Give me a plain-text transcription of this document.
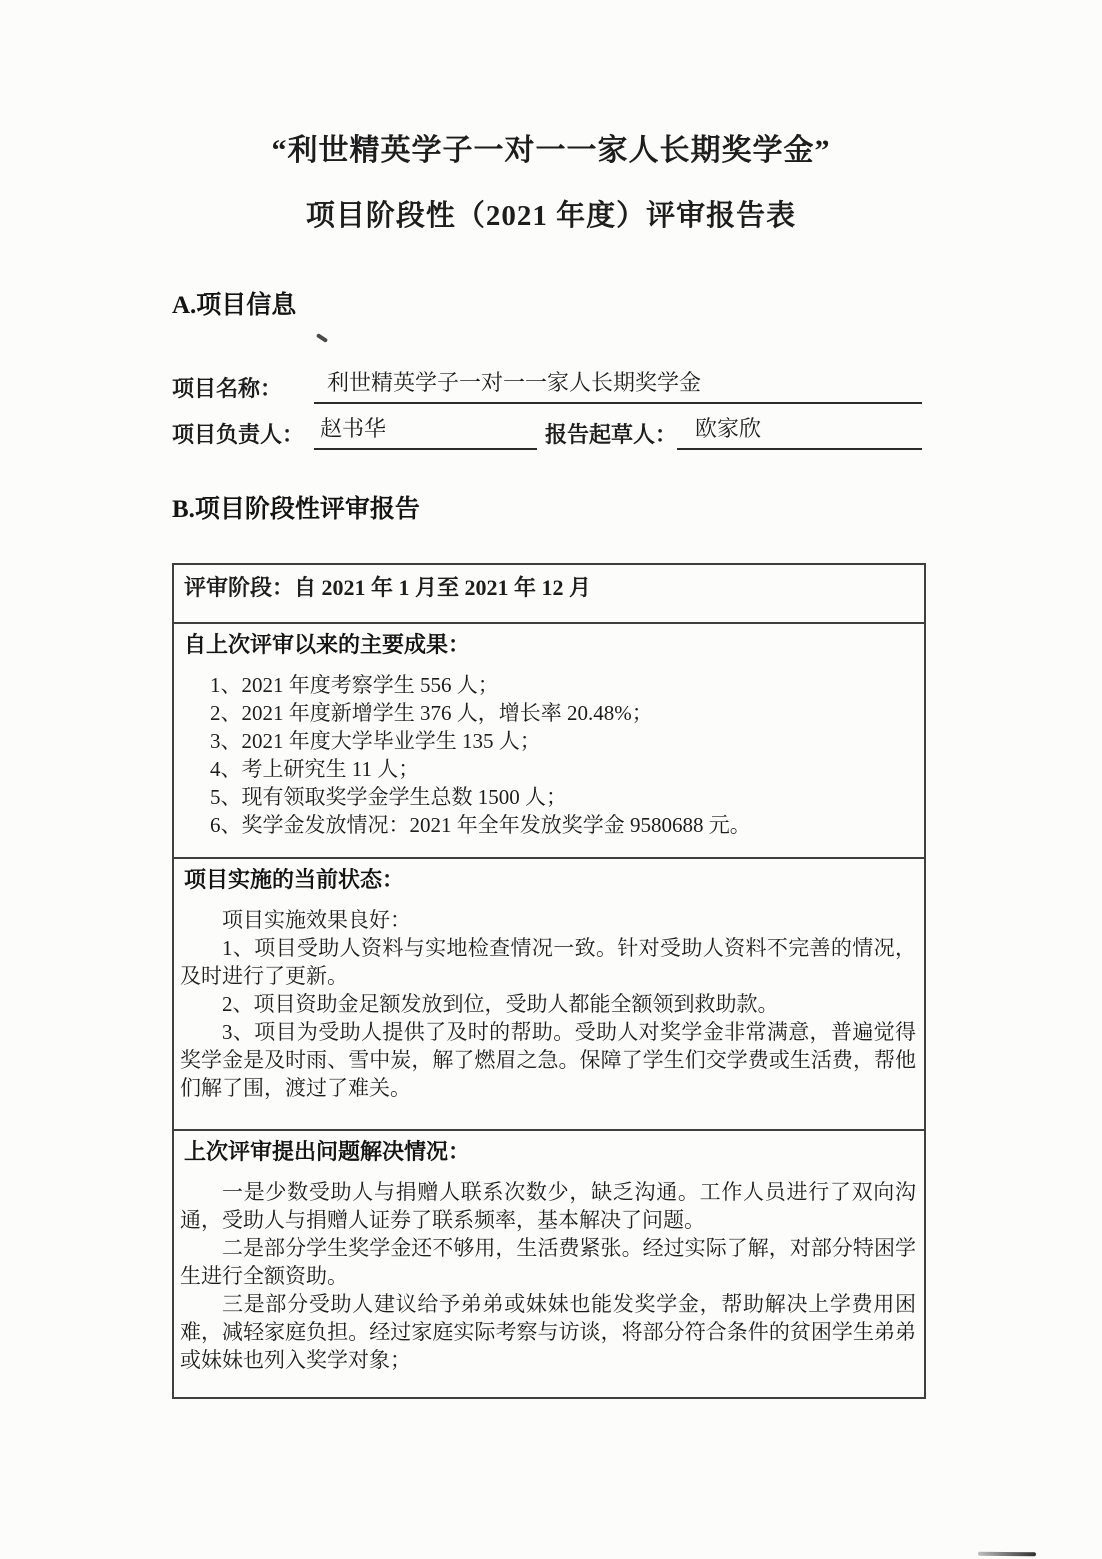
“利世精英学子一对一一家人长期奖学金”
项目阶段性（2021 年度）评审报告表
A.项目信息
项目名称：	利世精英学子一对一一家人长期奖学金
项目负责人： 赵书华	报告起草人： 欧家欣
B.项目阶段性评审报告
评审阶段：自 2021 年 1 月至 2021 年 12 月
自上次评审以来的主要成果：
1、2021 年度考察学生 556 人；
2、2021 年度新增学生 376 人，增长率 20.48%；
3、2021 年度大学毕业学生 135 人；
4、考上研究生 11 人；
5、现有领取奖学金学生总数 1500 人；
6、奖学金发放情况：2021 年全年发放奖学金 9580688 元。
项目实施的当前状态：

项目实施效果良好：

1、项目受助人资料与实地检查情况一致。针对受助人资料不完善的情况，及时进行了更新。

2、项目资助金足额发放到位，受助人都能全额领到救助款。

3、项目为受助人提供了及时的帮助。受助人对奖学金非常满意，普遍觉得奖学金是及时雨、雪中炭，解了燃眉之急。保障了学生们交学费或生活费，帮他们解了围，渡过了难关。

上次评审提出问题解决情况：

一是少数受助人与捐赠人联系次数少，缺乏沟通。工作人员进行了双向沟通，受助人与捐赠人证券了联系频率，基本解决了问题。

二是部分学生奖学金还不够用，生活费紧张。经过实际了解，对部分特困学生进行全额资助。

三是部分受助人建议给予弟弟或妹妹也能发奖学金，帮助解决上学费用困难，减轻家庭负担。经过家庭实际考察与访谈，将部分符合条件的贫困学生弟弟或妹妹也列入奖学对象；
